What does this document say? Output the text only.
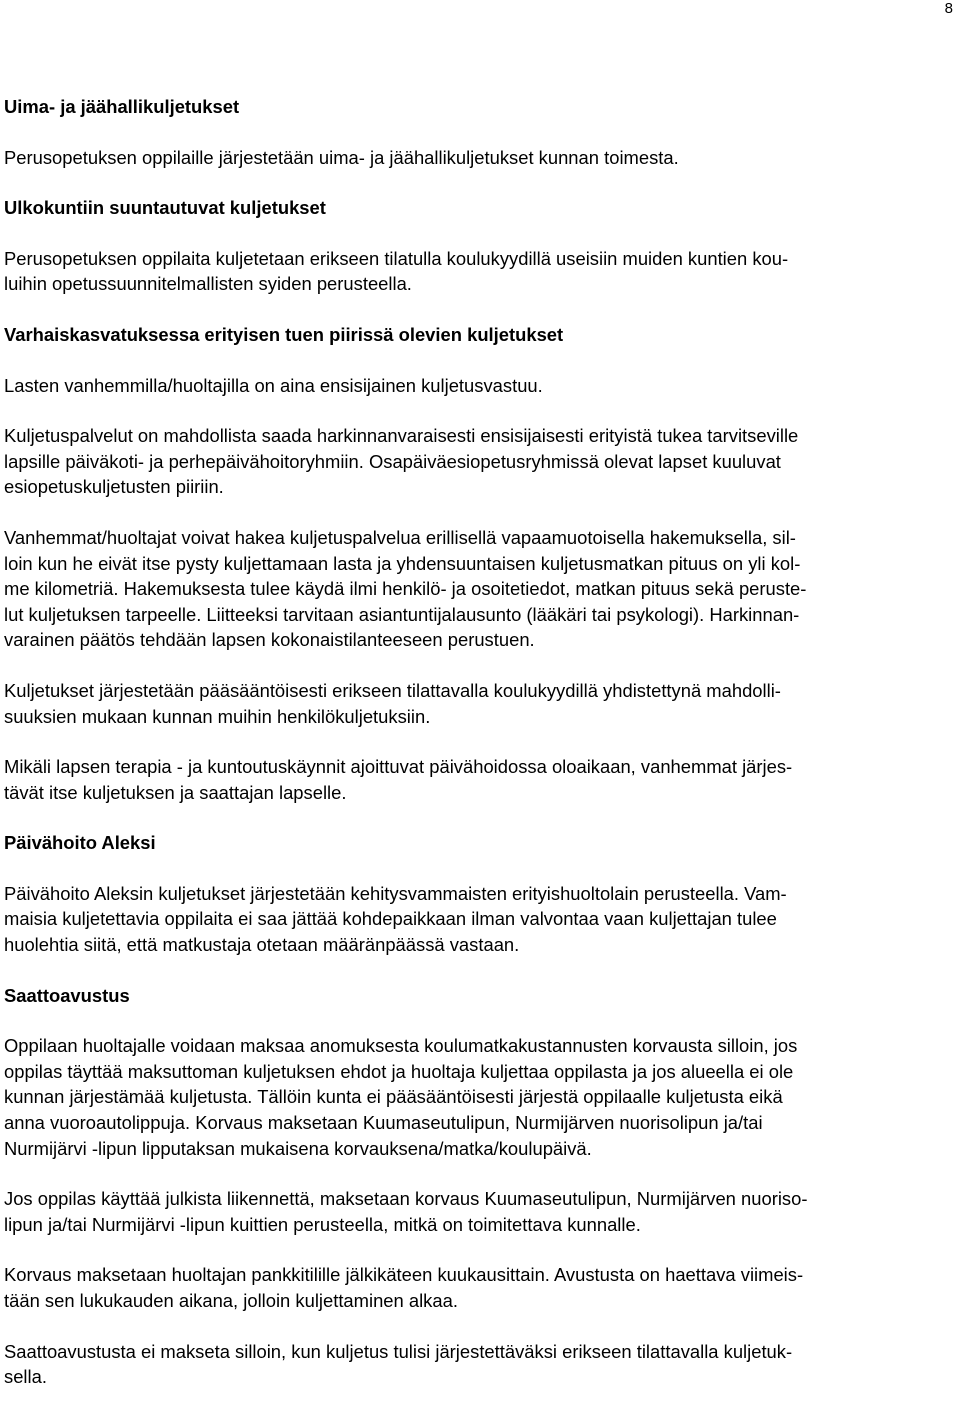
8
Uima- ja jäähallikuljetukset
Perusopetuksen oppilaille järjestetään uima- ja jäähallikuljetukset kunnan toimesta.
Ulkokuntiin suuntautuvat kuljetukset
Perusopetuksen oppilaita kuljetetaan erikseen tilatulla koulukyydillä useisiin muiden kuntien kou-
luihin opetussuunnitelmallisten syiden perusteella.
Varhaiskasvatuksessa erityisen tuen piirissä olevien kuljetukset
Lasten vanhemmilla/huoltajilla on aina ensisijainen kuljetusvastuu.
Kuljetuspalvelut on mahdollista saada harkinnanvaraisesti ensisijaisesti erityistä tukea tarvitseville
lapsille päiväkoti- ja perhepäivähoitoryhmiin. Osapäiväesiopetusryhmissä olevat lapset kuuluvat
esiopetuskuljetusten piiriin.
Vanhemmat/huoltajat voivat hakea kuljetuspalvelua erillisellä vapaamuotoisella hakemuksella, sil-
loin kun he eivät itse pysty kuljettamaan lasta ja yhdensuuntaisen kuljetusmatkan pituus on yli kol-
me kilometriä. Hakemuksesta tulee käydä ilmi henkilö- ja osoitetiedot, matkan pituus sekä peruste-
lut kuljetuksen tarpeelle. Liitteeksi tarvitaan asiantuntijalausunto (lääkäri tai psykologi). Harkinnan-
varainen päätös tehdään lapsen kokonaistilanteeseen perustuen.
Kuljetukset järjestetään pääsääntöisesti erikseen tilattavalla koulukyydillä yhdistettynä mahdolli-
suuksien mukaan kunnan muihin henkilökuljetuksiin.
Mikäli lapsen terapia - ja kuntoutuskäynnit ajoittuvat päivähoidossa oloaikaan, vanhemmat järjes-
tävät itse kuljetuksen ja saattajan lapselle.
Päivähoito Aleksi
Päivähoito Aleksin kuljetukset järjestetään kehitysvammaisten erityishuoltolain perusteella. Vam-
maisia kuljetettavia oppilaita ei saa jättää kohdepaikkaan ilman valvontaa vaan kuljettajan tulee
huolehtia siitä, että matkustaja otetaan määränpäässä vastaan.
Saattoavustus
Oppilaan huoltajalle voidaan maksaa anomuksesta koulumatkakustannusten korvausta silloin, jos
oppilas täyttää maksuttoman kuljetuksen ehdot ja huoltaja kuljettaa oppilasta ja jos alueella ei ole
kunnan järjestämää kuljetusta. Tällöin kunta ei pääsääntöisesti järjestä oppilaalle kuljetusta eikä
anna vuoroautolippuja. Korvaus maksetaan Kuumaseutulipun, Nurmijärven nuorisolipun ja/tai
Nurmijärvi -lipun lipputaksan mukaisena korvauksena/matka/koulupäivä.
Jos oppilas käyttää julkista liikennettä, maksetaan korvaus Kuumaseutulipun, Nurmijärven nuoriso-
lipun ja/tai Nurmijärvi -lipun kuittien perusteella, mitkä on toimitettava kunnalle.
Korvaus maksetaan huoltajan pankkitilille jälkikäteen kuukausittain. Avustusta on haettava viimeis-
tään sen lukukauden aikana, jolloin kuljettaminen alkaa.
Saattoavustusta ei makseta silloin, kun kuljetus tulisi järjestettäväksi erikseen tilattavalla kuljetuk-
sella.
